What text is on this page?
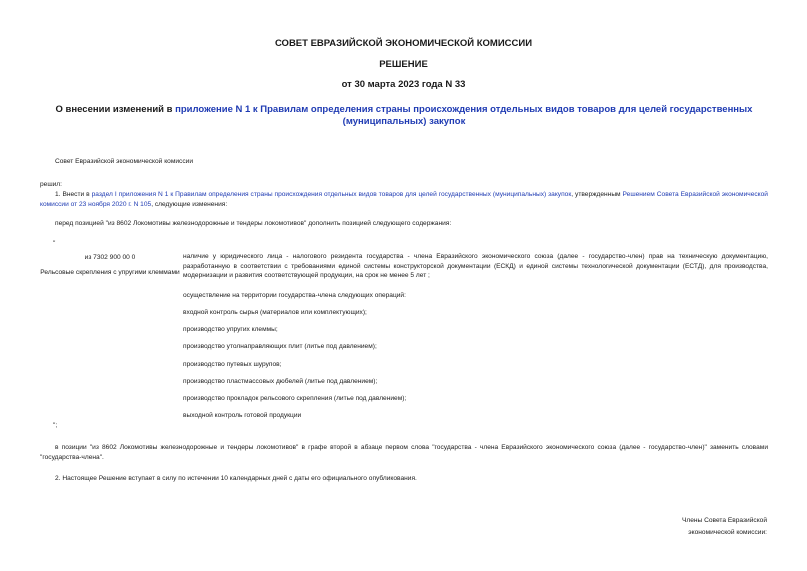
СОВЕТ ЕВРАЗИЙСКОЙ ЭКОНОМИЧЕСКОЙ КОМИССИИ
РЕШЕНИЕ
от 30 марта 2023 года N 33
О внесении изменений в приложение N 1 к Правилам определения страны происхождения отдельных видов товаров для целей государственных (муниципальных) закупок
Совет Евразийской экономической комиссии
решил:
1. Внести в раздел I приложения N 1 к Правилам определения страны происхождения отдельных видов товаров для целей государственных (муниципальных) закупок, утвержденным Решением Совета Евразийской экономической комиссии от 23 ноября 2020 г. N 105, следующие изменения:
перед позицией "из 8602 Локомотивы железнодорожные и тендеры локомотивов" дополнить позицией следующего содержания:
"
из 7302 900 00 0
Рельсовые скрепления с упругими клеммами
наличие у юридического лица - налогового резидента государства - члена Евразийского экономического союза (далее - государство-член) прав на техническую документацию, разработанную в соответствии с требованиями единой системы конструкторской документации (ЕСКД) и единой системы технологической документации (ЕСТД), для производства, модернизации и развития соответствующей продукции, на срок не менее 5 лет ;
осуществление на территории государства-члена следующих операций:
входной контроль сырья (материалов или комплектующих);
производство упругих клеммы;
производство утолнаправляющих плит (литье под давлением);
производство путевых шурупов;
производство пластмассовых дюбелей (литье под давлением);
производство прокладок рельсового скрепления (литье под давлением);
выходной контроль готовой продукции
";
в позиции "из 8602 Локомотивы железнодорожные и тендеры локомотивов" в графе второй в абзаце первом слова "государства - члена Евразийского экономического союза (далее - государство-член)" заменить словами "государства-члена".
2. Настоящее Решение вступает в силу по истечении 10 календарных дней с даты его официального опубликования.
Члены Совета Евразийской
экономической комиссии:
